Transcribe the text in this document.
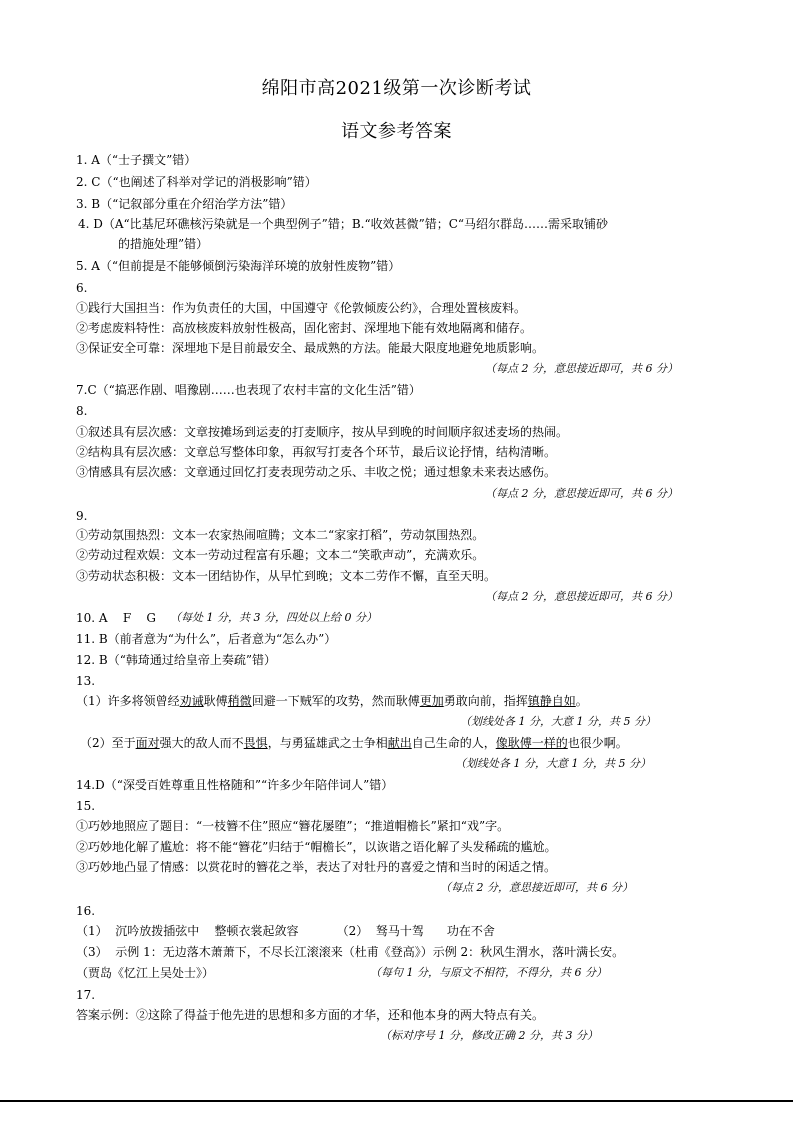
绵阳市高2021级第一次诊断考试
语文参考答案
1. A（“士子撰文”错）
2. C（“也阐述了科举对学记的消极影响”错）
3. B（“记叙部分重在介绍治学方法”错）
4. D（A“比基尼环礁核污染就是一个典型例子”错；B.“收效甚微”错；C“马绍尔群岛……需采取铺砂
的措施处理”错）
5. A（“但前提是不能够倾倒污染海洋环境的放射性废物”错）
6.
①践行大国担当：作为负责任的大国，中国遵守《伦敦倾废公约》，合理处置核废料。
②考虑废料特性：高放核废料放射性极高，固化密封、深埋地下能有效地隔离和储存。
③保证安全可靠：深埋地下是目前最安全、最成熟的方法。能最大限度地避免地质影响。
（每点 2 分，意思接近即可，共 6 分）
7.C（“搞恶作剧、唱豫剧……也表现了农村丰富的文化生活”错）
8.
①叙述具有层次感：文章按摊场到运麦的打麦顺序，按从早到晚的时间顺序叙述麦场的热闹。
②结构具有层次感：文章总写整体印象，再叙写打麦各个环节，最后议论抒情，结构清晰。
③情感具有层次感：文章通过回忆打麦表现劳动之乐、丰收之悦；通过想象未来表达感伤。
（每点 2 分，意思接近即可，共 6 分）
9.
①劳动氛围热烈：文本一农家热闹喧腾；文本二“家家打稻”，劳动氛围热烈。
②劳动过程欢娱：文本一劳动过程富有乐趣；文本二“笑歌声动”，充满欢乐。
③劳动状态积极：文本一团结协作，从早忙到晚；文本二劳作不懈，直至天明。
（每点 2 分，意思接近即可，共 6 分）
10. A    F    G （每处 1 分，共 3 分，四处以上给 0 分）
11. B（前者意为“为什么”，后者意为“怎么办”）
12. B（“韩琦通过给皇帝上奏疏”错）
13.
（1）许多将领曾经劝诫耿傅稍微回避一下贼军的攻势，然而耿傅更加勇敢向前，指挥镇静自如。
（划线处各 1 分，大意 1 分，共 5 分）
（2）至于面对强大的敌人而不畏惧，与勇猛雄武之士争相献出自己生命的人，像耿傅一样的也很少啊。
（划线处各 1 分，大意 1 分，共 5 分）
14.D（“深受百姓尊重且性格随和”“许多少年陪伴词人”错）
15.
①巧妙地照应了题目：“一枝簪不住”照应“簪花屡堕”；“推道帽檐长”紧扣“戏”字。
②巧妙地化解了尴尬：将不能“簪花”归结于“帽檐长”，以诙谐之语化解了头发稀疏的尴尬。
③巧妙地凸显了情感：以赏花时的簪花之举，表达了对牡丹的喜爱之情和当时的闲适之情。
（每点 2 分，意思接近即可，共 6 分）
16.
（1）  沉吟放拨插弦中    整顿衣裳起敛容          （2）  驽马十驾      功在不舍
（3）  示例 1：无边落木萧萧下，不尽长江滚滚来（杜甫《登高》）示例 2：秋风生渭水，落叶满长安。
（贾岛《忆江上吴处士》）	（每句 1 分，与原文不相符，不得分，共 6 分）
17.
答案示例：②这除了得益于他先进的思想和多方面的才华，还和他本身的两大特点有关。
（标对序号 1 分，修改正确 2 分，共 3 分）
